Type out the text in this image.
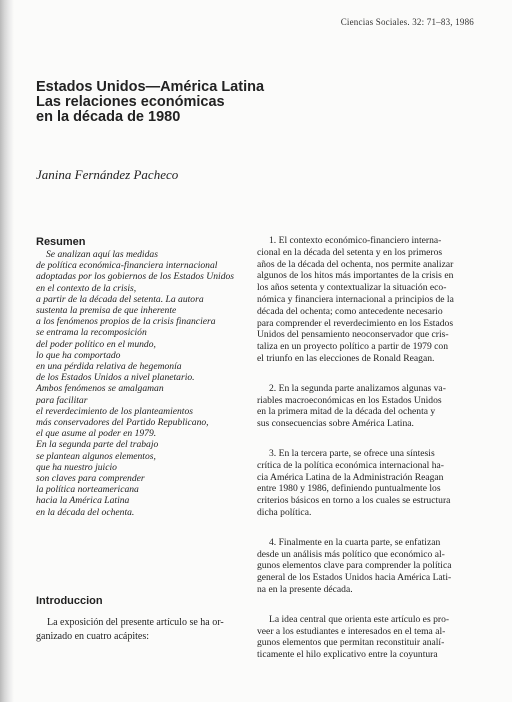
Ciencias Sociales. 32: 71–83, 1986
Estados Unidos—América Latina
Las relaciones económicas
en la década de 1980
Janina Fernández Pacheco
Resumen
Se analizan aquí las medidas
de política económica-financiera internacional
adoptadas por los gobiernos de los Estados Unidos
en el contexto de la crisis,
a partir de la década del setenta. La autora
sustenta la premisa de que inherente
a los fenómenos propios de la crisis financiera
se entrama la recomposición
del poder político en el mundo,
lo que ha comportado
en una pérdida relativa de hegemonía
de los Estados Unidos a nivel planetario.
Ambos fenómenos se amalgaman
para facilitar
el reverdecimiento de los planteamientos
más conservadores del Partido Republicano,
el que asume al poder en 1979.
En la segunda parte del trabajo
se plantean algunos elementos,
que ha nuestro juicio
son claves para comprender
la política norteamericana
hacia la América Latina
en la década del ochenta.
Introduccion
La exposición del presente artículo se ha or-
ganizado en cuatro acápites:
1. El contexto económico-financiero interna-
cional en la década del setenta y en los primeros
años de la década del ochenta, nos permite analizar
algunos de los hitos más importantes de la crisis en
los años setenta y contextualizar la situación eco-
nómica y financiera internacional a principios de la
década del ochenta; como antecedente necesario
para comprender el reverdecimiento en los Estados
Unidos del pensamiento neoconservador que cris-
taliza en un proyecto político a partir de 1979 con
el triunfo en las elecciones de Ronald Reagan.
2. En la segunda parte analizamos algunas va-
riables macroeconómicas en los Estados Unidos
en la primera mitad de la década del ochenta y
sus consecuencias sobre América Latina.
3. En la tercera parte, se ofrece una síntesis
crítica de la política económica internacional ha-
cia América Latina de la Administración Reagan
entre 1980 y 1986, definiendo puntualmente los
criterios básicos en torno a los cuales se estructura
dicha política.
4. Finalmente en la cuarta parte, se enfatizan
desde un análisis más político que económico al-
gunos elementos clave para comprender la política
general de los Estados Unidos hacia América Lati-
na en la presente década.
La idea central que orienta este artículo es pro-
veer a los estudiantes e interesados en el tema al-
gunos elementos que permitan reconstituir analí-
ticamente el hilo explicativo entre la coyuntura
